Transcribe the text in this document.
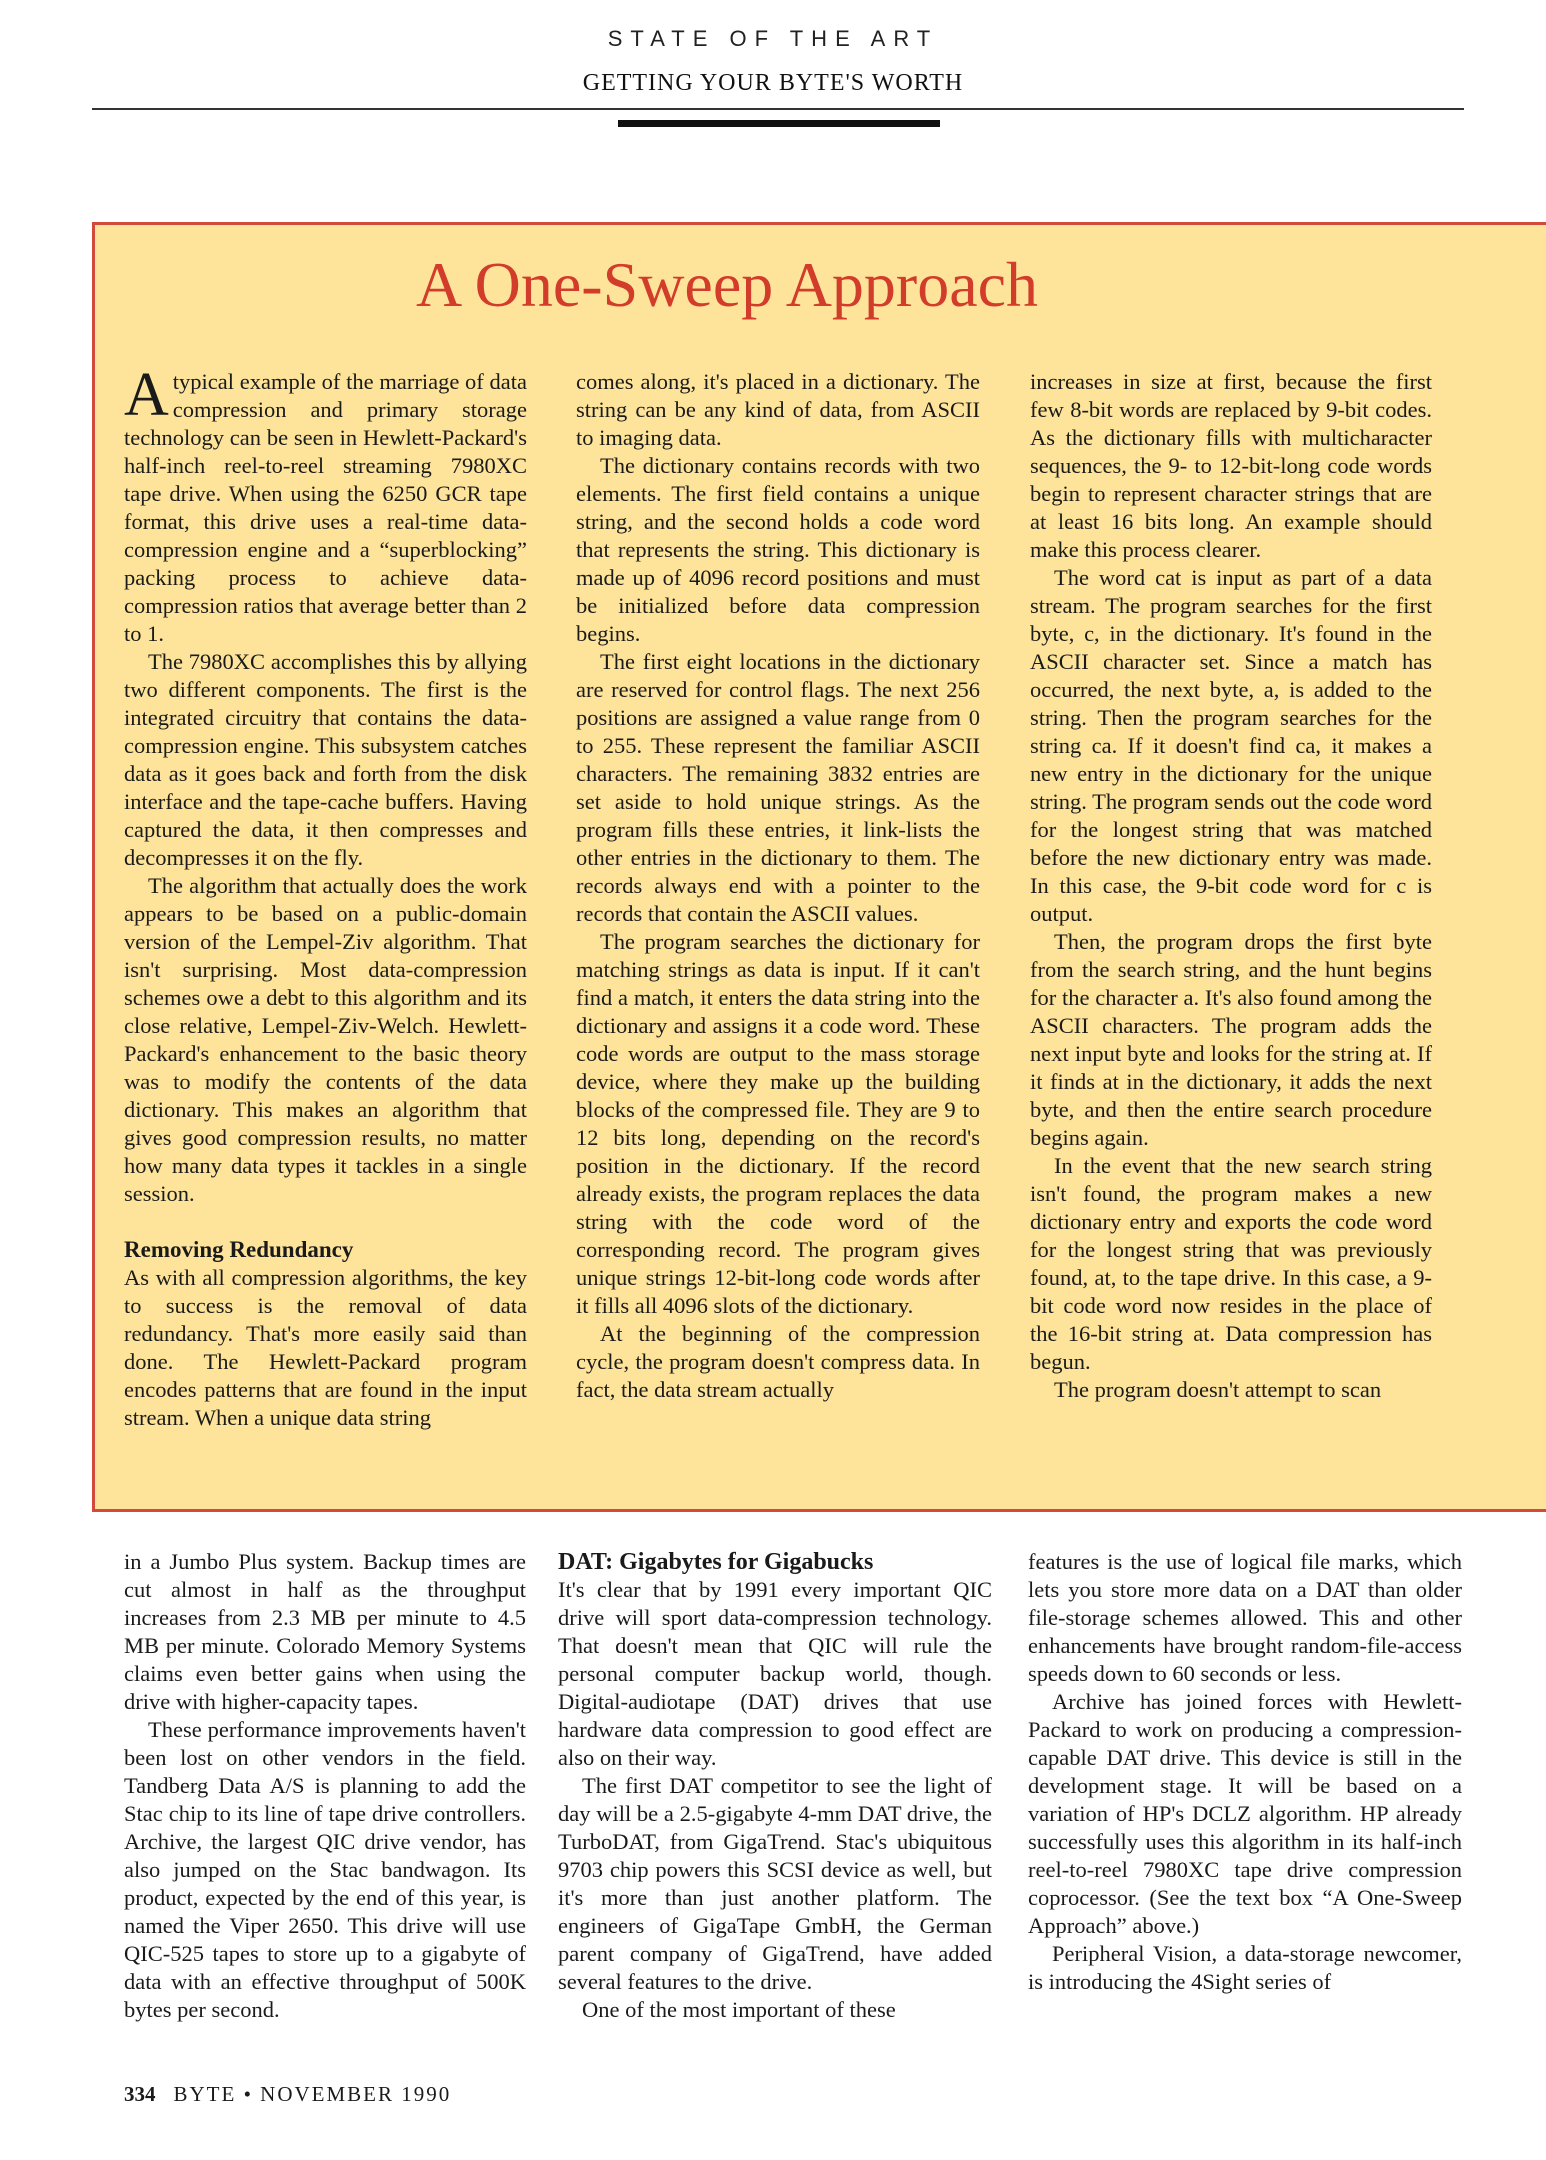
STATE OF THE ART
GETTING YOUR BYTE'S WORTH
A One-Sweep Approach

Atypical example of the marriage of data compression and primary storage technology can be seen in Hewlett-Packard's half-inch reel-to-reel streaming 7980XC tape drive. When using the 6250 GCR tape format, this drive uses a real-time data-compression engine and a “superblocking” packing process to achieve data-compression ratios that average better than 2 to 1.

The 7980XC accomplishes this by allying two different components. The first is the integrated circuitry that contains the data-compression engine. This subsystem catches data as it goes back and forth from the disk interface and the tape-cache buffers. Having captured the data, it then compresses and decompresses it on the fly.

The algorithm that actually does the work appears to be based on a public-domain version of the Lempel-Ziv algorithm. That isn't surprising. Most data-compression schemes owe a debt to this algorithm and its close relative, Lempel-Ziv-Welch. Hewlett-Packard's enhancement to the basic theory was to modify the contents of the data dictionary. This makes an algorithm that gives good compression results, no matter how many data types it tackles in a single session.

Removing Redundancy

As with all compression algorithms, the key to success is the removal of data redundancy. That's more easily said than done. The Hewlett-Packard program encodes patterns that are found in the input stream. When a unique data string

comes along, it's placed in a dictionary. The string can be any kind of data, from ASCII to imaging data.

The dictionary contains records with two elements. The first field contains a unique string, and the second holds a code word that represents the string. This dictionary is made up of 4096 record positions and must be initialized before data compression begins.

The first eight locations in the dictionary are reserved for control flags. The next 256 positions are assigned a value range from 0 to 255. These represent the familiar ASCII characters. The remaining 3832 entries are set aside to hold unique strings. As the program fills these entries, it link-lists the other entries in the dictionary to them. The records always end with a pointer to the records that contain the ASCII values.

The program searches the dictionary for matching strings as data is input. If it can't find a match, it enters the data string into the dictionary and assigns it a code word. These code words are output to the mass storage device, where they make up the building blocks of the compressed file. They are 9 to 12 bits long, depending on the record's position in the dictionary. If the record already exists, the program replaces the data string with the code word of the corresponding record. The program gives unique strings 12-bit-long code words after it fills all 4096 slots of the dictionary.

At the beginning of the compression cycle, the program doesn't compress data. In fact, the data stream actually

increases in size at first, because the first few 8-bit words are replaced by 9-bit codes. As the dictionary fills with multicharacter sequences, the 9- to 12-bit-long code words begin to represent character strings that are at least 16 bits long. An example should make this process clearer.

The word cat is input as part of a data stream. The program searches for the first byte, c, in the dictionary. It's found in the ASCII character set. Since a match has occurred, the next byte, a, is added to the string. Then the program searches for the string ca. If it doesn't find ca, it makes a new entry in the dictionary for the unique string. The program sends out the code word for the longest string that was matched before the new dictionary entry was made. In this case, the 9-bit code word for c is output.

Then, the program drops the first byte from the search string, and the hunt begins for the character a. It's also found among the ASCII characters. The program adds the next input byte and looks for the string at. If it finds at in the dictionary, it adds the next byte, and then the entire search procedure begins again.

In the event that the new search string isn't found, the program makes a new dictionary entry and exports the code word for the longest string that was previously found, at, to the tape drive. In this case, a 9-bit code word now resides in the place of the 16-bit string at. Data compression has begun.

The program doesn't attempt to scan

in a Jumbo Plus system. Backup times are cut almost in half as the throughput increases from 2.3 MB per minute to 4.5 MB per minute. Colorado Memory Systems claims even better gains when using the drive with higher-capacity tapes.

These performance improvements haven't been lost on other vendors in the field. Tandberg Data A/S is planning to add the Stac chip to its line of tape drive controllers. Archive, the largest QIC drive vendor, has also jumped on the Stac bandwagon. Its product, expected by the end of this year, is named the Viper 2650. This drive will use QIC-525 tapes to store up to a gigabyte of data with an effective throughput of 500K bytes per second.

DAT: Gigabytes for Gigabucks

It's clear that by 1991 every important QIC drive will sport data-compression technology. That doesn't mean that QIC will rule the personal computer backup world, though. Digital-audiotape (DAT) drives that use hardware data compression to good effect are also on their way.

The first DAT competitor to see the light of day will be a 2.5-gigabyte 4-mm DAT drive, the TurboDAT, from GigaTrend. Stac's ubiquitous 9703 chip powers this SCSI device as well, but it's more than just another platform. The engineers of GigaTape GmbH, the German parent company of GigaTrend, have added several features to the drive.

One of the most important of these

features is the use of logical file marks, which lets you store more data on a DAT than older file-storage schemes allowed. This and other enhancements have brought random-file-access speeds down to 60 seconds or less.

Archive has joined forces with Hewlett-Packard to work on producing a compression-capable DAT drive. This device is still in the development stage. It will be based on a variation of HP's DCLZ algorithm. HP already successfully uses this algorithm in its half-inch reel-to-reel 7980XC tape drive compression coprocessor. (See the text box “A One-Sweep Approach” above.)

Peripheral Vision, a data-storage newcomer, is introducing the 4Sight series of

334 BYTE • NOVEMBER 1990
